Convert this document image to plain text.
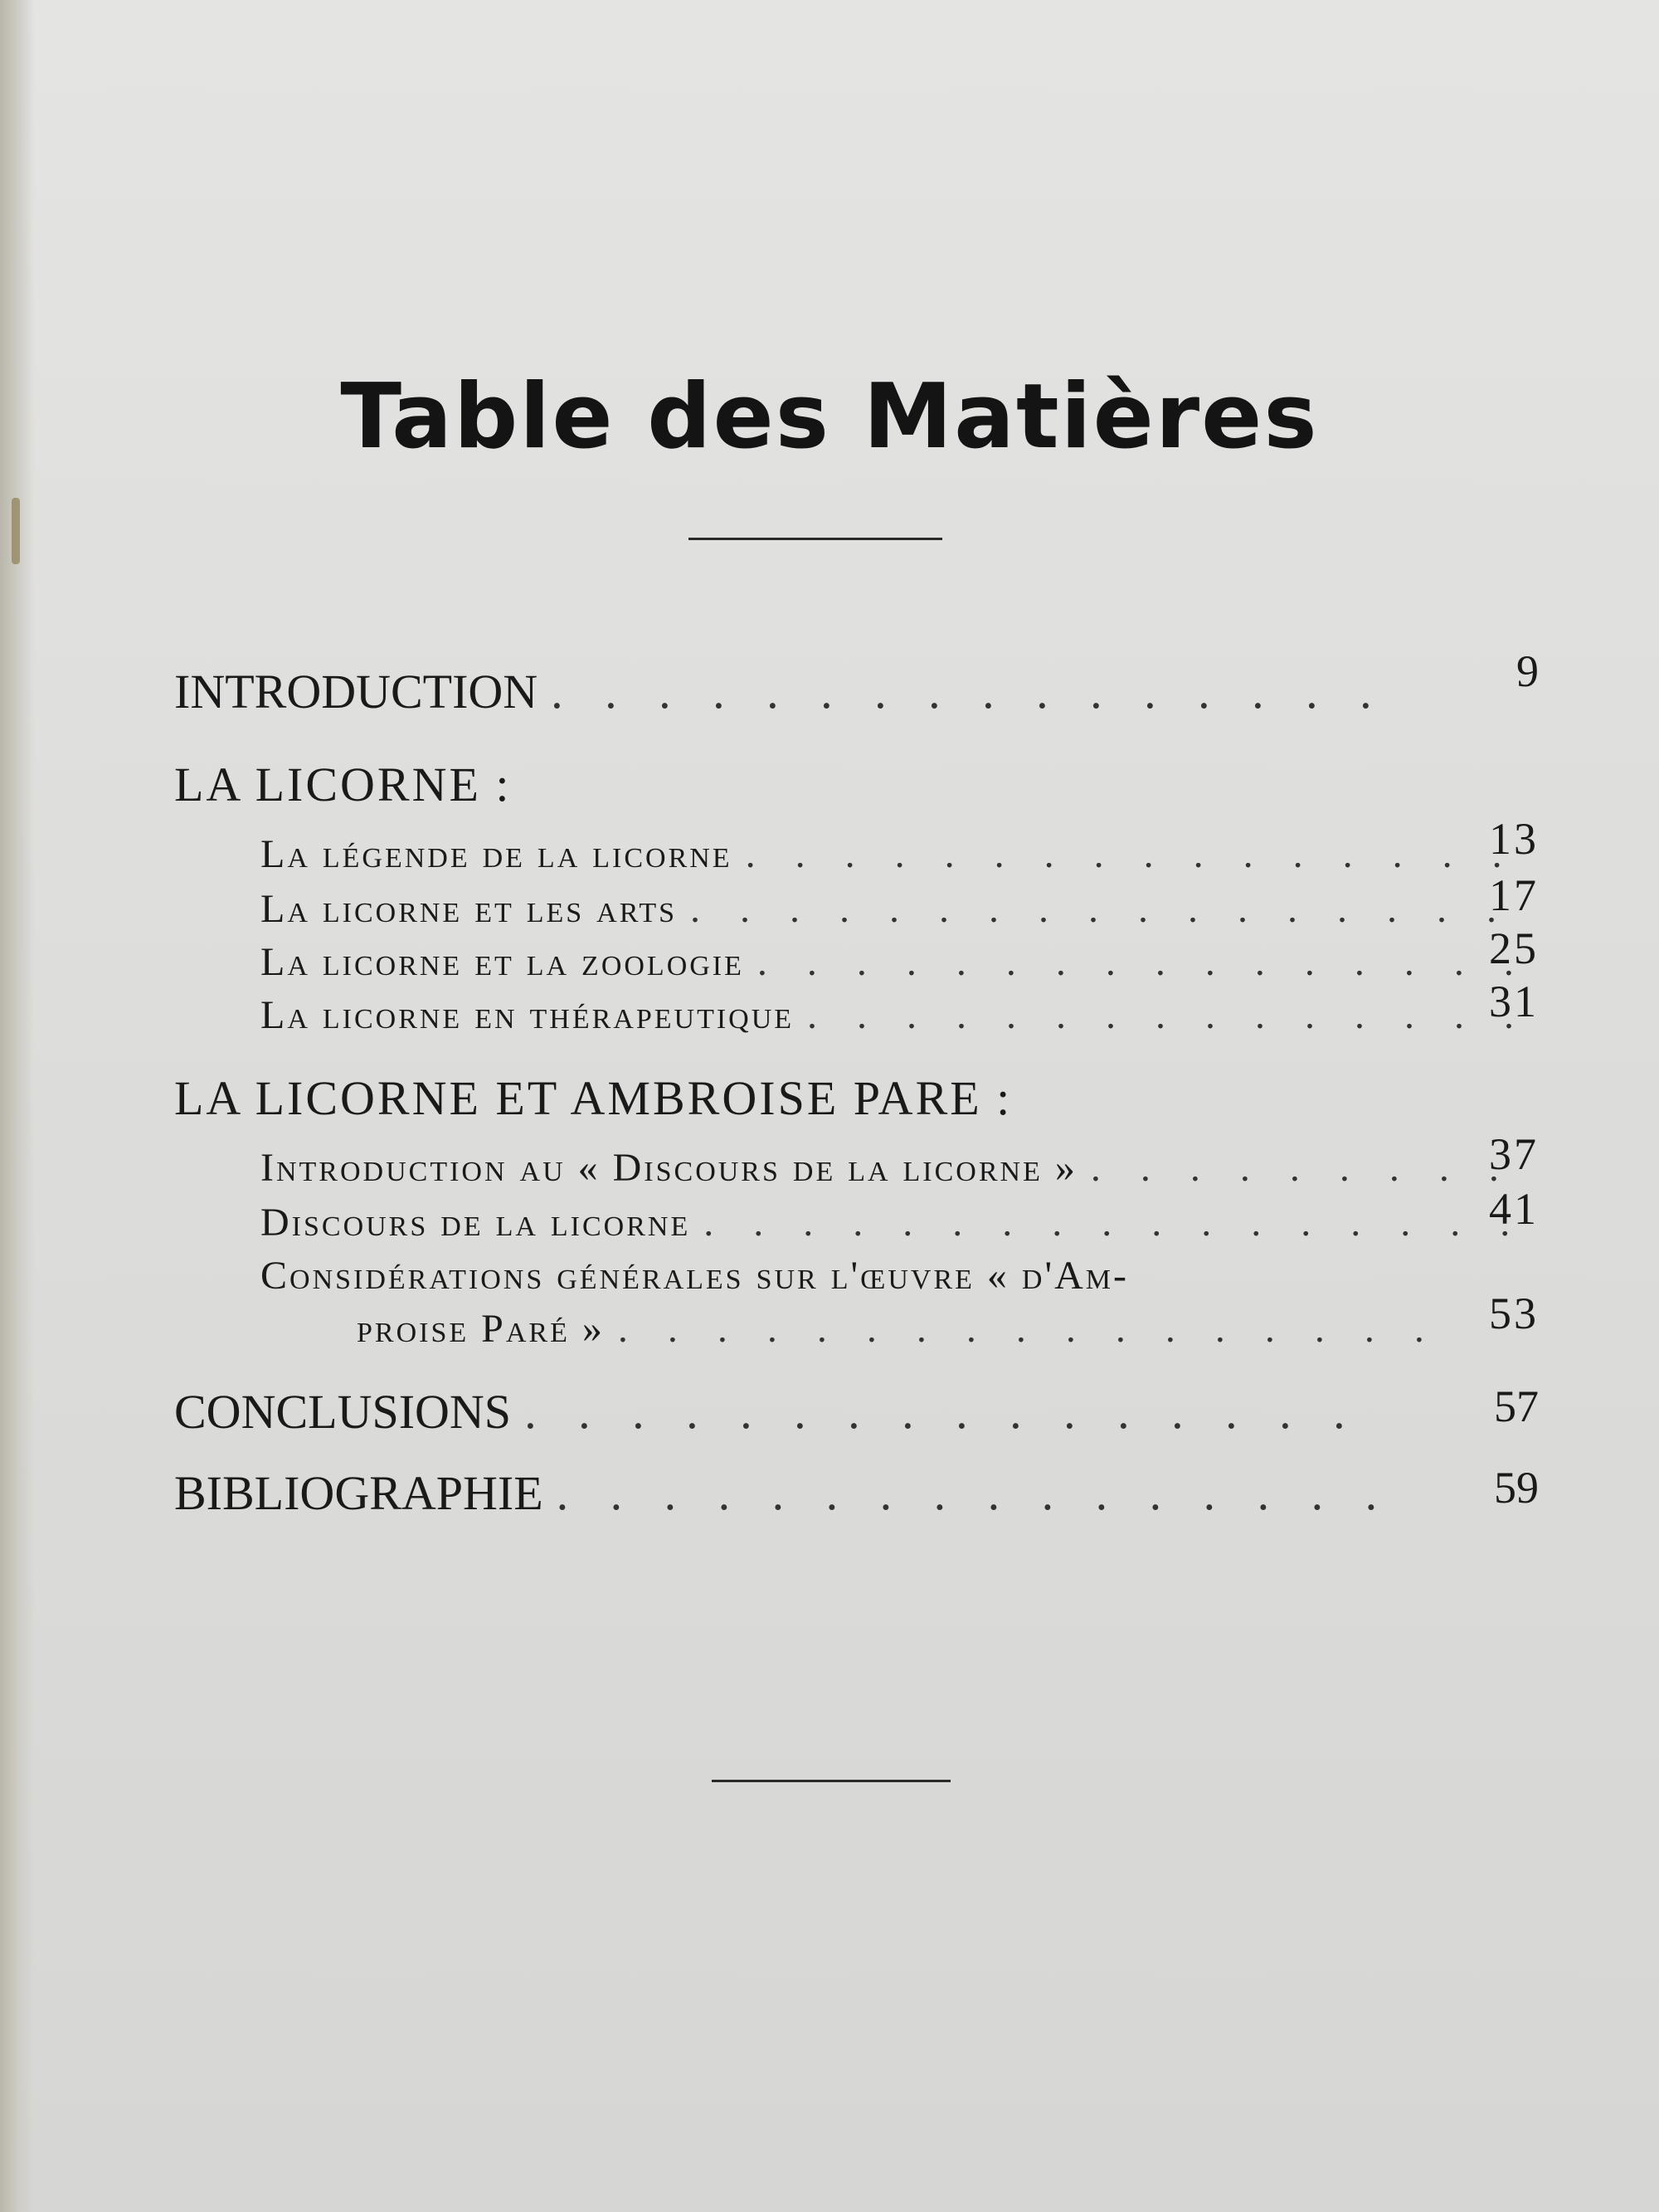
Table des Matières
INTRODUCTION . . .	9
LA LICORNE :
La légende de la licorne . . .	13
La licorne et les arts . . .	17
La licorne et la zoologie . . .	25
La licorne en thérapeutique . . .	31
LA LICORNE ET AMBROISE PARE :
Introduction au « Discours de la licorne » . . .	37
Discours de la licorne . . .	41
Considérations générales sur l'œuvre « d'Am-
proise Paré » . . .	53
CONCLUSIONS . . .	57
BIBLIOGRAPHIE . . .	59
